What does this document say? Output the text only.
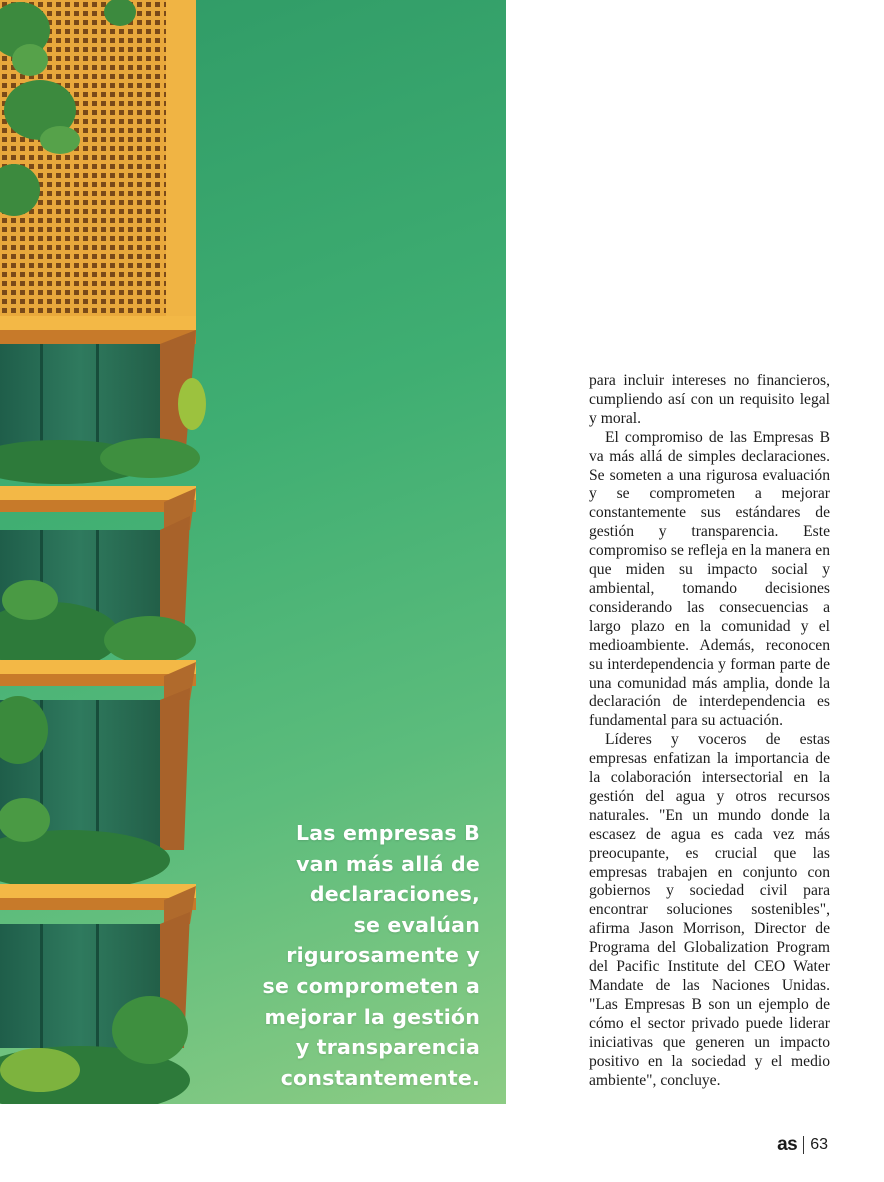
Las empresas B
van más allá de
declaraciones,
se evalúan
rigurosamente y
se comprometen a
mejorar la gestión
y transparencia
constantemente.

para incluir intereses no financieros, cumpliendo así con un requisito legal y moral.

El compromiso de las Empresas B va más allá de simples declaraciones. Se someten a una rigurosa evaluación y se comprometen a mejorar constantemente sus estándares de gestión y transparencia. Este compromiso se refleja en la manera en que miden su impacto social y ambiental, tomando decisiones considerando las consecuencias a largo plazo en la comunidad y el medioambiente. Además, reconocen su interdependencia y forman parte de una comunidad más amplia, donde la declaración de interdependencia es fundamental para su actuación.

Líderes y voceros de estas empresas enfatizan la importancia de la colaboración intersectorial en la gestión del agua y otros recursos naturales. "En un mundo donde la escasez de agua es cada vez más preocupante, es crucial que las empresas trabajen en conjunto con gobiernos y sociedad civil para encontrar soluciones sostenibles", afirma Jason Morrison, Director de Programa del Globalization Program del Pacific Institute del CEO Water Mandate de las Naciones Unidas. "Las Empresas B son un ejemplo de cómo el sector privado puede liderar iniciativas que generen un impacto positivo en la sociedad y el medio ambiente", concluye.

as 63
